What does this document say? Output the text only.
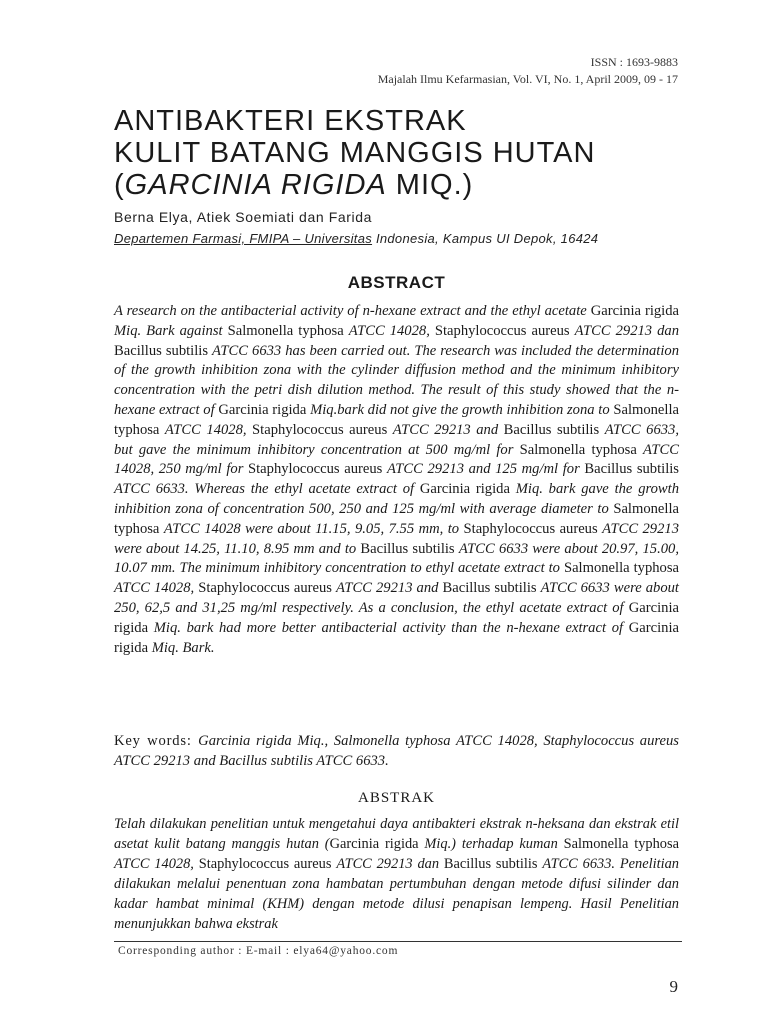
ISSN : 1693-9883
Majalah Ilmu Kefarmasian, Vol. VI, No. 1, April 2009, 09 - 17
ANTIBAKTERI EKSTRAK
KULIT BATANG MANGGIS HUTAN
(GARCINIA RIGIDA MIQ.)
Berna Elya, Atiek Soemiati dan Farida
Departemen Farmasi, FMIPA – Universitas Indonesia, Kampus UI Depok, 16424
ABSTRACT

A research on the antibacterial activity of n-hexane extract and the ethyl acetate Garcinia rigida Miq. Bark against Salmonella typhosa ATCC 14028, Staphylococcus aureus ATCC 29213 dan Bacillus subtilis ATCC 6633 has been carried out. The research was included the determination of the growth inhibition zona with the cylinder diffusion method and the minimum inhibitory concentration with the petri dish dilution method. The result of this study showed that the n-hexane extract of Garcinia rigida Miq.bark did not give the growth inhibition zona to Salmonella typhosa ATCC 14028, Staphylococcus aureus ATCC 29213 and Bacillus subtilis ATCC 6633, but gave the minimum inhibitory concentration at 500 mg/ml for Salmonella typhosa ATCC 14028, 250 mg/ml for Staphylococcus aureus ATCC 29213 and 125 mg/ml for Bacillus subtilis ATCC 6633. Whereas the ethyl acetate extract of Garcinia rigida Miq. bark gave the growth inhibition zona of concentration 500, 250 and 125 mg/ml with average diameter to Salmonella typhosa ATCC 14028 were about 11.15, 9.05, 7.55 mm, to Staphylococcus aureus ATCC 29213 were about 14.25, 11.10, 8.95 mm and to Bacillus subtilis ATCC 6633 were about 20.97, 15.00, 10.07 mm. The minimum inhibitory concentration to ethyl acetate extract to Salmonella typhosa ATCC 14028, Staphylococcus aureus ATCC 29213 and Bacillus subtilis ATCC 6633 were about 250, 62,5 and 31,25 mg/ml respectively. As a conclusion, the ethyl acetate extract of Garcinia rigida Miq. bark had more better antibacterial activity than the n-hexane extract of Garcinia rigida Miq. Bark.

Key words: Garcinia rigida Miq., Salmonella typhosa ATCC 14028, Staphylococcus aureus ATCC 29213 and Bacillus subtilis ATCC 6633.
ABSTRAK

Telah dilakukan penelitian untuk mengetahui daya antibakteri ekstrak n-heksana dan ekstrak etil asetat kulit batang manggis hutan (Garcinia rigida Miq.) terhadap kuman Salmonella typhosa ATCC 14028, Staphylococcus aureus ATCC 29213 dan Bacillus subtilis ATCC 6633. Penelitian dilakukan melalui penentuan zona hambatan pertumbuhan dengan metode difusi silinder dan kadar hambat minimal (KHM) dengan metode dilusi penapisan lempeng. Hasil Penelitian menunjukkan bahwa ekstrak

Corresponding author : E-mail : elya64@yahoo.com
9
